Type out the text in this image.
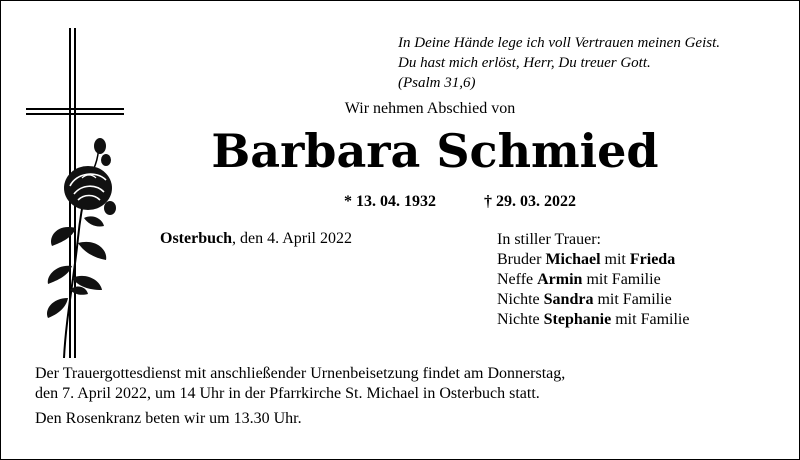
In Deine Hände lege ich voll Vertrauen meinen Geist.
Du hast mich erlöst, Herr, Du treuer Gott.
(Psalm 31,6)
Wir nehmen Abschied von
Barbara Schmied
* 13. 04. 1932	† 29. 03. 2022
Osterbuch, den 4. April 2022	In stiller Trauer:
Bruder Michael mit Frieda
Neffe Armin mit Familie
Nichte Sandra mit Familie
Nichte Stephanie mit Familie
Der Trauergottesdienst mit anschließender Urnenbeisetzung findet am Donnerstag,
den 7. April 2022, um 14 Uhr in der Pfarrkirche St. Michael in Osterbuch statt.
Den Rosenkranz beten wir um 13.30 Uhr.
